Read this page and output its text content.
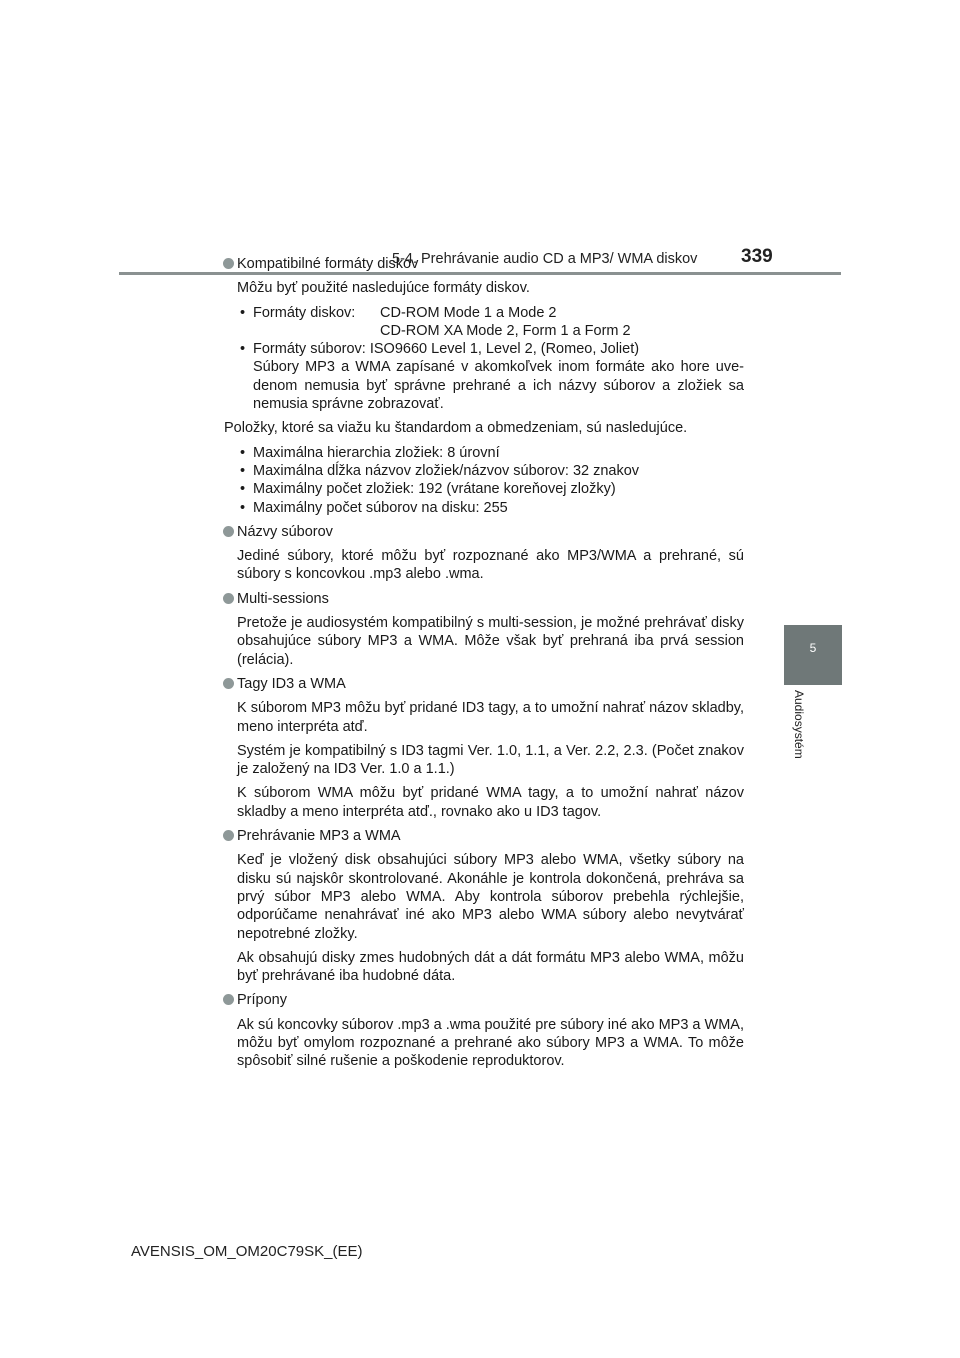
5-4. Prehrávanie audio CD a MP3/ WMA diskov 339
5
Audiosystém

Kompatibilné formáty diskov

Môžu byť použité nasledujúce formáty diskov.

• Formáty diskov: CD-ROM Mode 1 a Mode 2
CD-ROM XA Mode 2, Form 1 a Form 2
• Formáty súborov: ISO9660 Level 1, Level 2, (Romeo, Joliet)
Súbory MP3 a WMA zapísané v akomkoľvek inom formáte ako hore uve-denom nemusia byť správne prehrané a ich názvy súborov a zložiek sa nemusia správne zobrazovať.

Položky, ktoré sa viažu ku štandardom a obmedzeniam, sú nasledujúce.

• Maximálna hierarchia zložiek: 8 úrovní
• Maximálna dĺžka názvov zložiek/názvov súborov: 32 znakov
• Maximálny počet zložiek: 192 (vrátane koreňovej zložky)
• Maximálny počet súborov na disku: 255

Názvy súborov

Jediné súbory, ktoré môžu byť rozpoznané ako MP3/WMA a prehrané, sú súbory s koncovkou .mp3 alebo .wma.

Multi-sessions

Pretože je audiosystém kompatibilný s multi-session, je možné prehrávať disky obsahujúce súbory MP3 a WMA. Môže však byť prehraná iba prvá session (relácia).

Tagy ID3 a WMA

K súborom MP3 môžu byť pridané ID3 tagy, a to umožní nahrať názov skladby, meno interpréta atď.

Systém je kompatibilný s ID3 tagmi Ver. 1.0, 1.1, a Ver. 2.2, 2.3. (Počet znakov je založený na ID3 Ver. 1.0 a 1.1.)

K súborom WMA môžu byť pridané WMA tagy, a to umožní nahrať názov skladby a meno interpréta atď., rovnako ako u ID3 tagov.

Prehrávanie MP3 a WMA

Keď je vložený disk obsahujúci súbory MP3 alebo WMA, všetky súbory na disku sú najskôr skontrolované. Akonáhle je kontrola dokončená, prehráva sa prvý súbor MP3 alebo WMA. Aby kontrola súborov prebehla rýchlejšie, odporúčame nenahrávať iné ako MP3 alebo WMA súbory alebo nevytvárať nepotrebné zložky.

Ak obsahujú disky zmes hudobných dát a dát formátu MP3 alebo WMA, môžu byť prehrávané iba hudobné dáta.

Prípony

Ak sú koncovky súborov .mp3 a .wma použité pre súbory iné ako MP3 a WMA, môžu byť omylom rozpoznané a prehrané ako súbory MP3 a WMA. To môže spôsobiť silné rušenie a poškodenie reproduktorov.

AVENSIS_OM_OM20C79SK_(EE)
